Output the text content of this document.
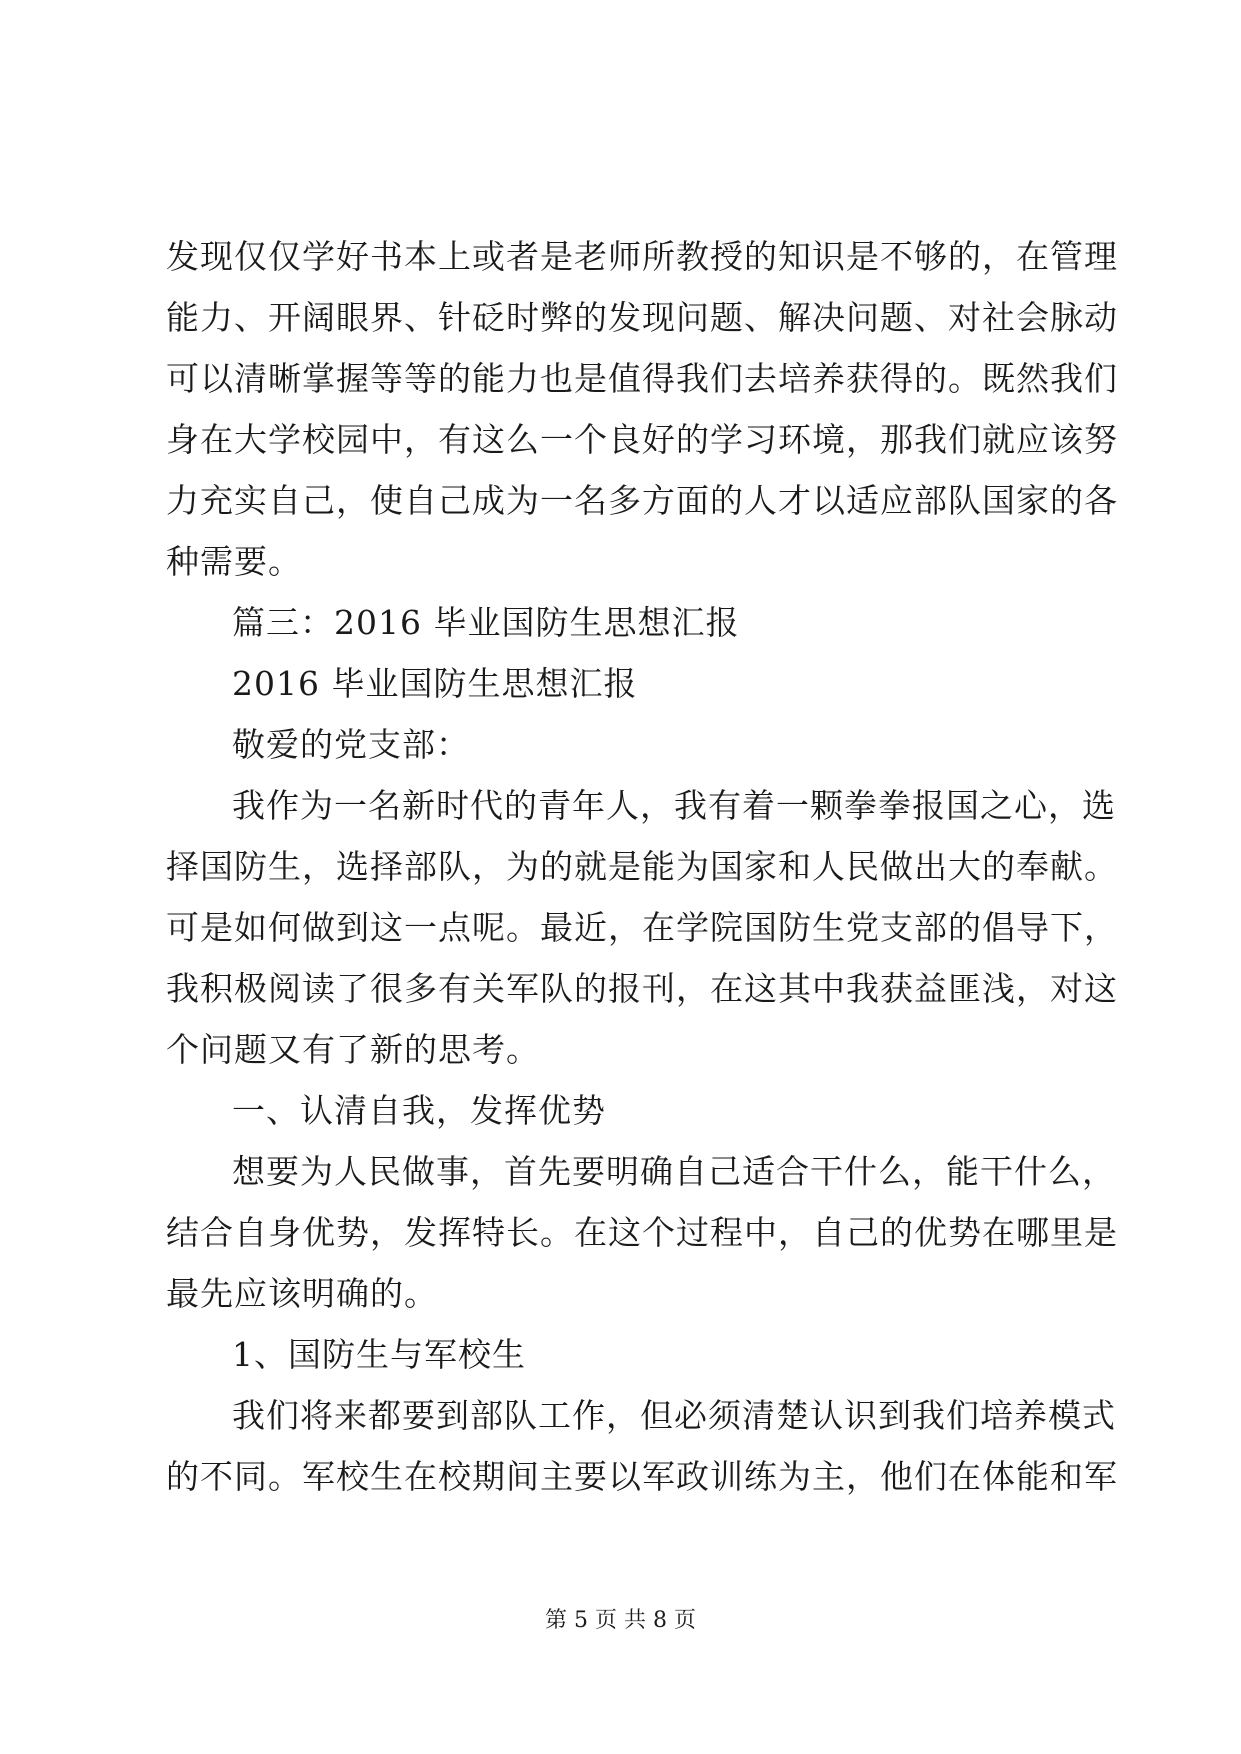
发现仅仅学好书本上或者是老师所教授的知识是不够的，在管理
能力、开阔眼界、针砭时弊的发现问题、解决问题、对社会脉动
可以清晰掌握等等的能力也是值得我们去培养获得的。既然我们
身在大学校园中，有这么一个良好的学习环境，那我们就应该努
力充实自己，使自己成为一名多方面的人才以适应部队国家的各
种需要。
篇三：2016 毕业国防生思想汇报
2016 毕业国防生思想汇报
敬爱的党支部：
我作为一名新时代的青年人，我有着一颗拳拳报国之心，选
择国防生，选择部队，为的就是能为国家和人民做出大的奉献。
可是如何做到这一点呢。最近，在学院国防生党支部的倡导下，
我积极阅读了很多有关军队的报刊，在这其中我获益匪浅，对这
个问题又有了新的思考。
一、认清自我，发挥优势
想要为人民做事，首先要明确自己适合干什么，能干什么，
结合自身优势，发挥特长。在这个过程中，自己的优势在哪里是
最先应该明确的。
1、国防生与军校生
我们将来都要到部队工作，但必须清楚认识到我们培养模式
的不同。军校生在校期间主要以军政训练为主，他们在体能和军
第 5 页 共 8 页
